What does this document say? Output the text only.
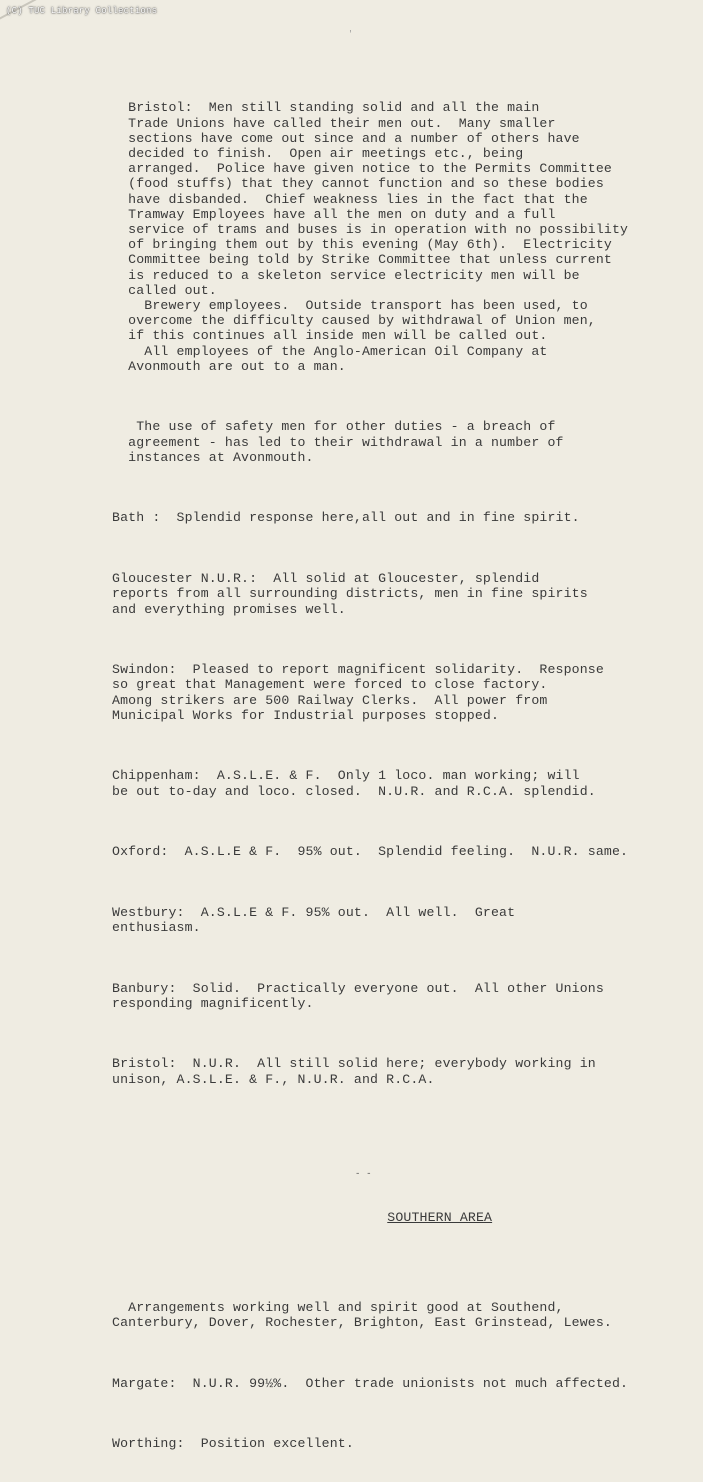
(C) TUC Library Collections
'

Bristol:  Men still standing solid and all the main
Trade Unions have called their men out.  Many smaller
sections have come out since and a number of others have
decided to finish.  Open air meetings etc., being
arranged.  Police have given notice to the Permits Committee
(food stuffs) that they cannot function and so these bodies
have disbanded.  Chief weakness lies in the fact that the
Tramway Employees have all the men on duty and a full
service of trams and buses is in operation with no possibility
of bringing them out by this evening (May 6th).  Electricity
Committee being told by Strike Committee that unless current
is reduced to a skeleton service electricity men will be
called out.
Brewery employees.  Outside transport has been used, to
overcome the difficulty caused by withdrawal of Union men,
if this continues all inside men will be called out.
All employees of the Anglo-American Oil Company at
Avonmouth are out to a man.

The use of safety men for other duties - a breach of
agreement - has led to their withdrawal in a number of
instances at Avonmouth.

Bath :  Splendid response here,all out and in fine spirit.

Gloucester N.U.R.:  All solid at Gloucester, splendid
reports from all surrounding districts, men in fine spirits
and everything promises well.

Swindon:  Pleased to report magnificent solidarity.  Response
so great that Management were forced to close factory.
Among strikers are 500 Railway Clerks.  All power from
Municipal Works for Industrial purposes stopped.

Chippenham:  A.S.L.E. & F.  Only 1 loco. man working; will
be out to-day and loco. closed.  N.U.R. and R.C.A. splendid.

Oxford:  A.S.L.E & F.  95% out.  Splendid feeling.  N.U.R. same.

Westbury:  A.S.L.E & F. 95% out.  All well.  Great
enthusiasm.

Banbury:  Solid.  Practically everyone out.  All other Unions
responding magnificently.

Bristol:  N.U.R.  All still solid here; everybody working in
unison, A.S.L.E. & F., N.U.R. and R.C.A.

- -

SOUTHERN AREA

Arrangements working well and spirit good at Southend,
Canterbury, Dover, Rochester, Brighton, East Grinstead, Lewes.

Margate:  N.U.R. 99½%.  Other trade unionists not much affected.

Worthing:  Position excellent.
